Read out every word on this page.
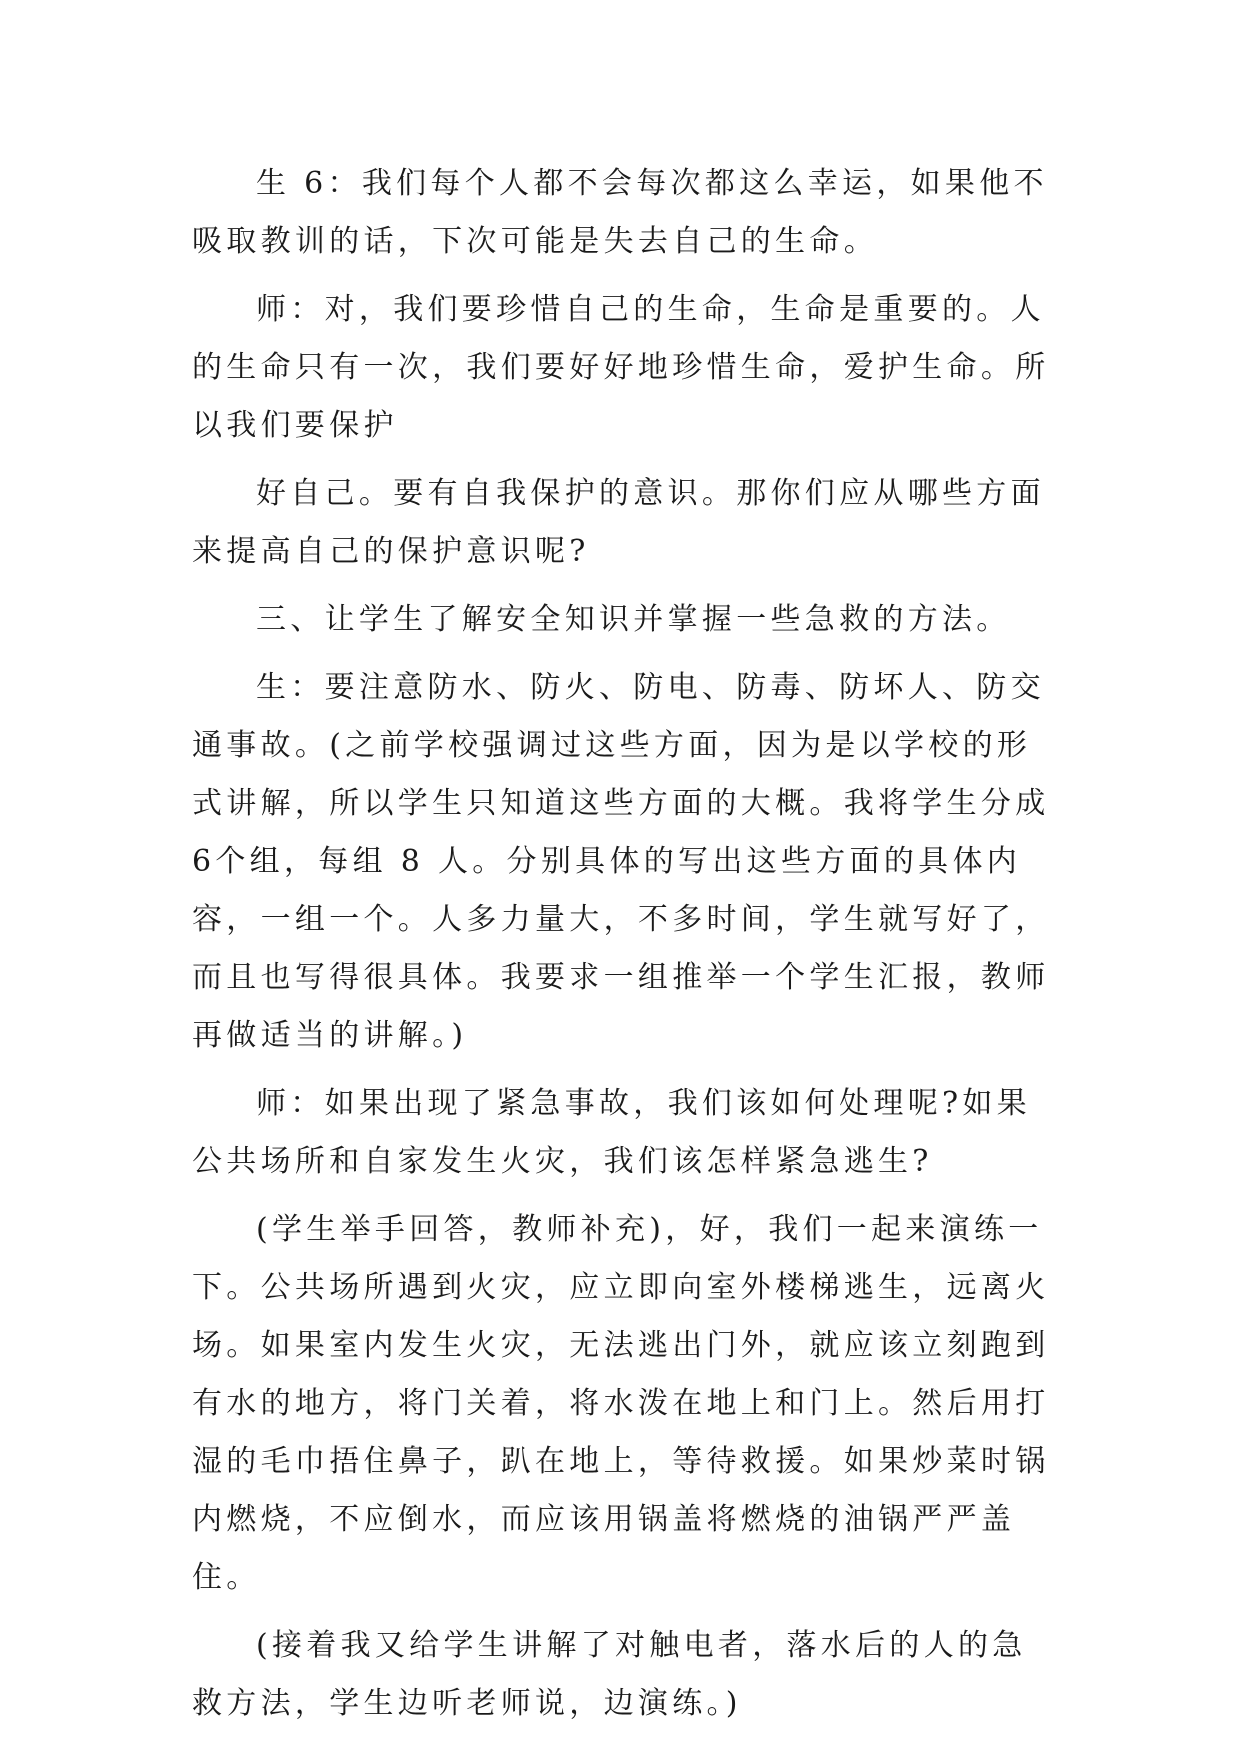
生 6：我们每个人都不会每次都这么幸运，如果他不吸取教训的话，下次可能是失去自己的生命。

师：对，我们要珍惜自己的生命，生命是重要的。人的生命只有一次，我们要好好地珍惜生命，爱护生命。所以我们要保护

好自己。要有自我保护的意识。那你们应从哪些方面来提高自己的保护意识呢?

三、让学生了解安全知识并掌握一些急救的方法。

生：要注意防水、防火、防电、防毒、防坏人、防交通事故。(之前学校强调过这些方面，因为是以学校的形式讲解，所以学生只知道这些方面的大概。我将学生分成6个组，每组 8 人。分别具体的写出这些方面的具体内容，一组一个。人多力量大，不多时间，学生就写好了，而且也写得很具体。我要求一组推举一个学生汇报，教师再做适当的讲解。)

师：如果出现了紧急事故，我们该如何处理呢?如果公共场所和自家发生火灾，我们该怎样紧急逃生?

(学生举手回答，教师补充)，好，我们一起来演练一下。公共场所遇到火灾，应立即向室外楼梯逃生，远离火场。如果室内发生火灾，无法逃出门外，就应该立刻跑到有水的地方，将门关着，将水泼在地上和门上。然后用打湿的毛巾捂住鼻子，趴在地上，等待救援。如果炒菜时锅内燃烧，不应倒水，而应该用锅盖将燃烧的油锅严严盖住。

(接着我又给学生讲解了对触电者，落水后的人的急救方法，学生边听老师说，边演练。)
